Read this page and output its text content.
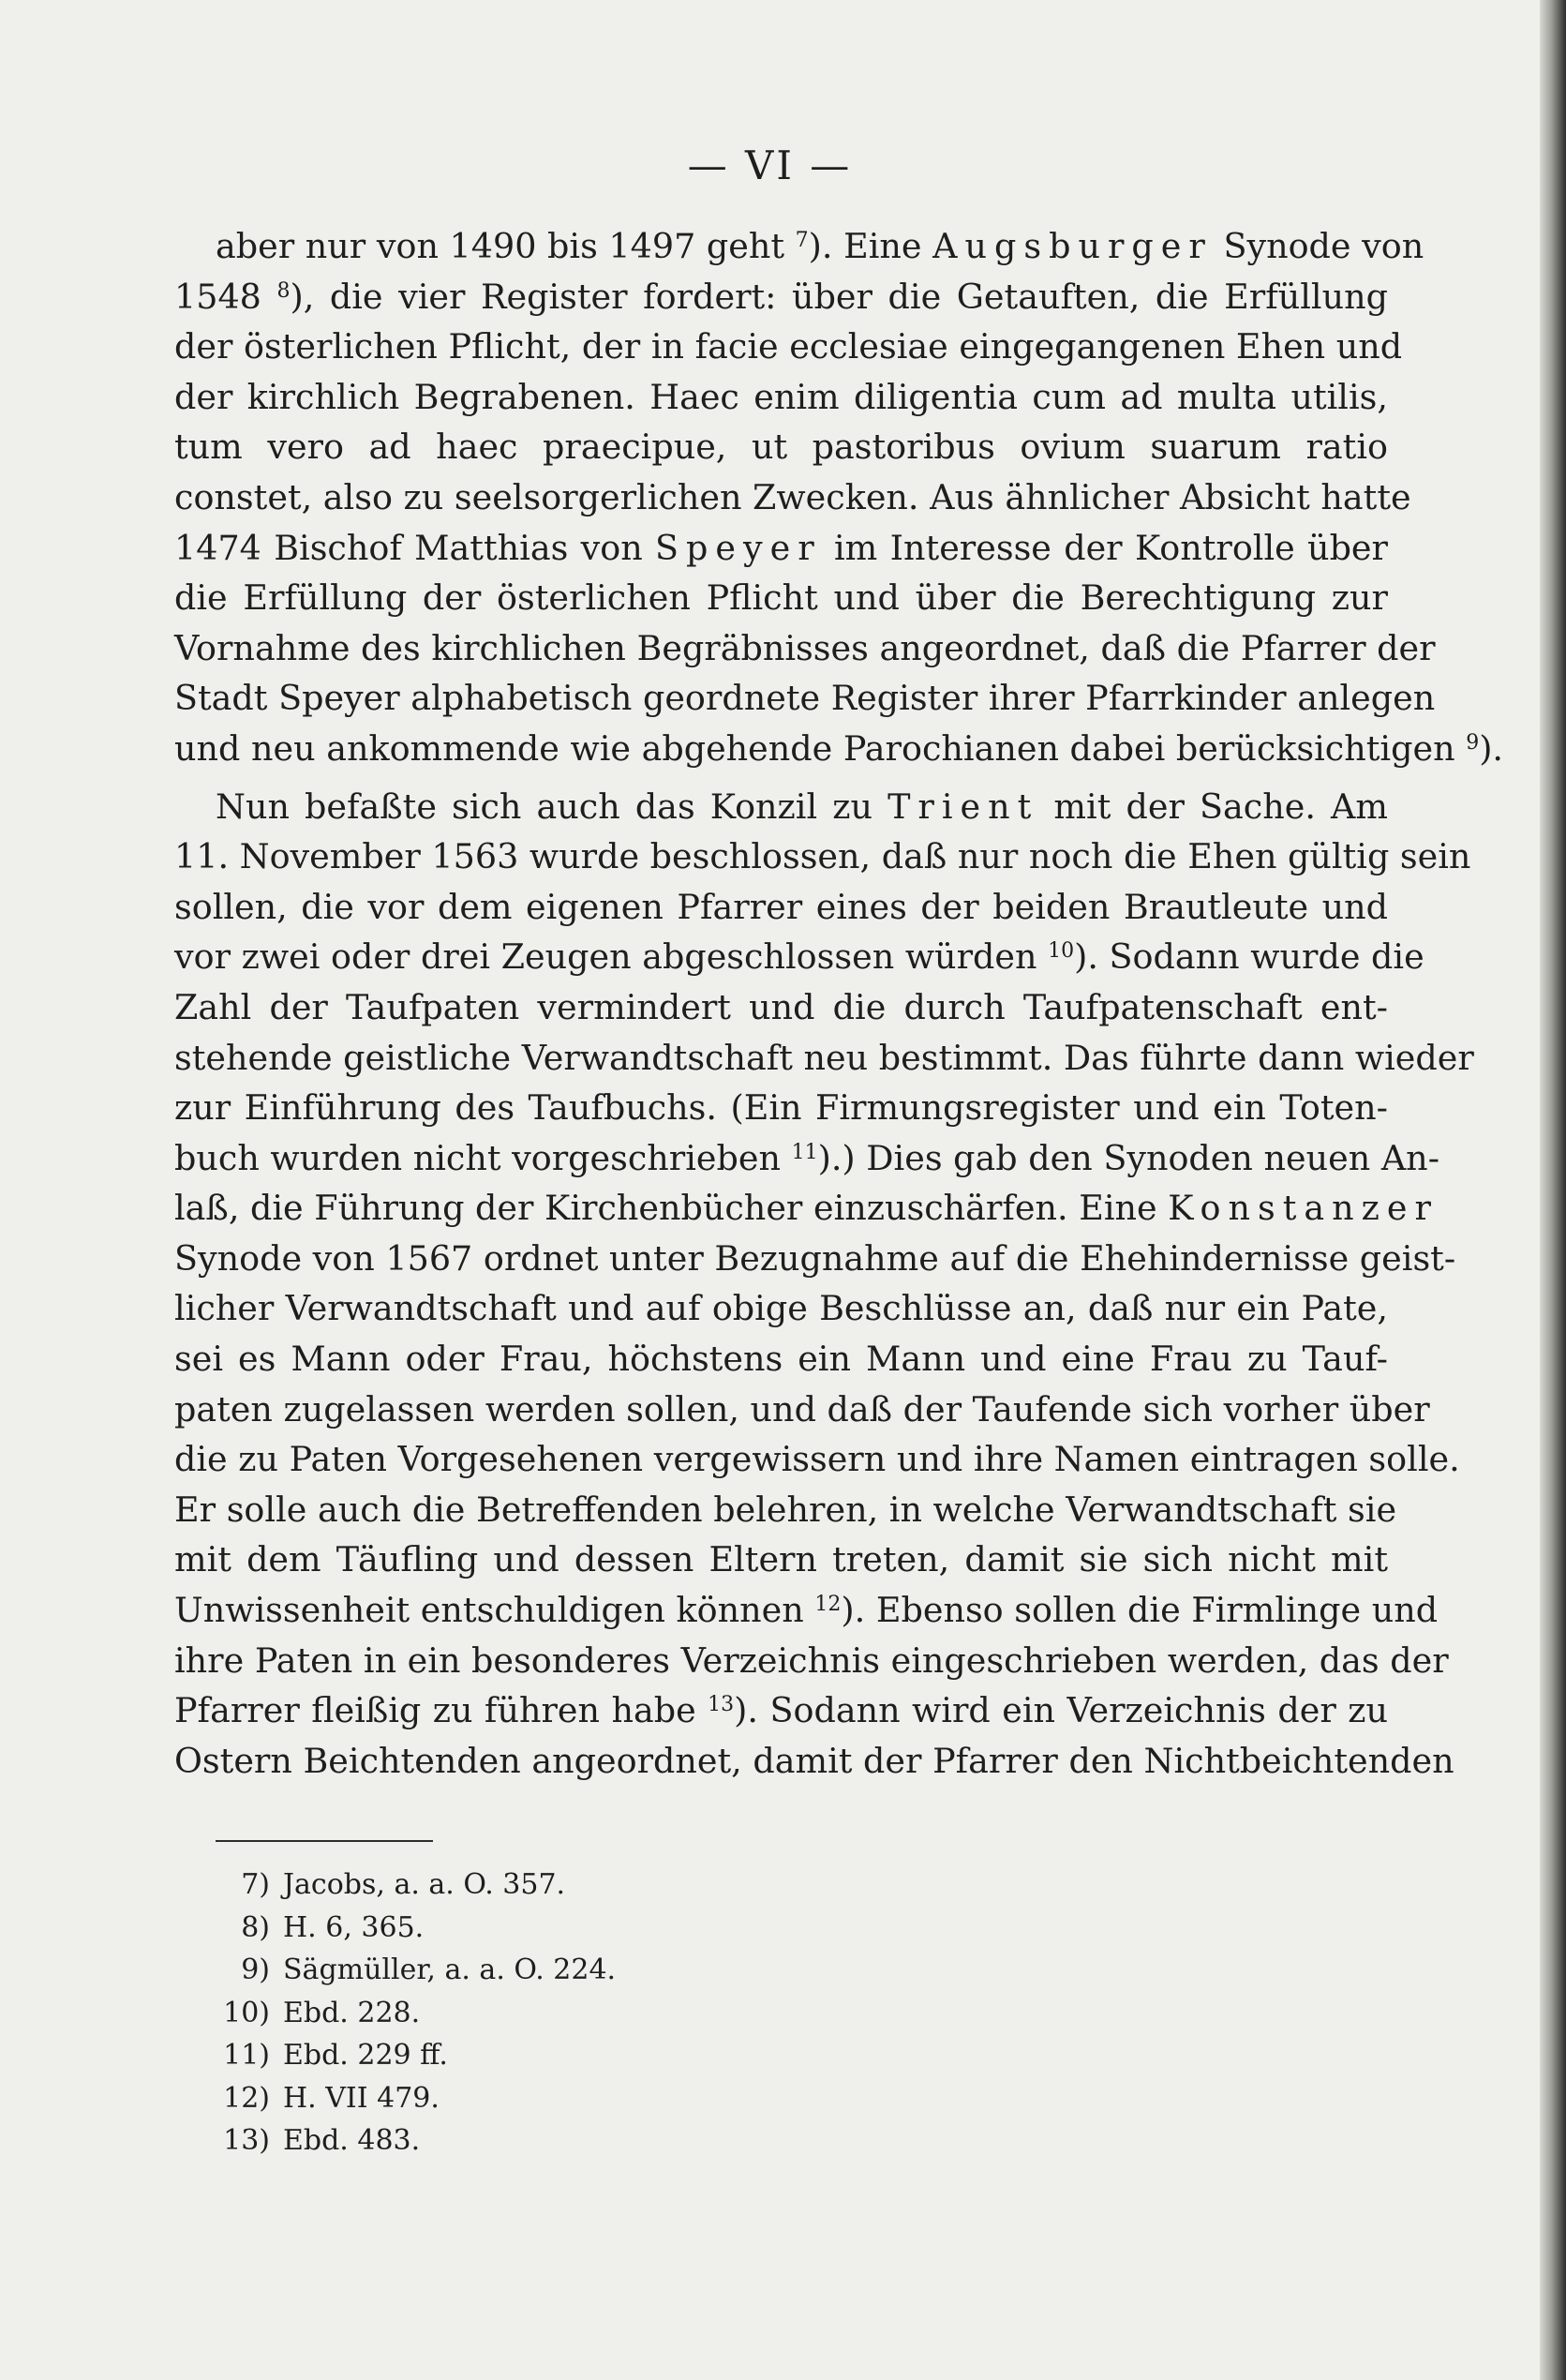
— VI —
aber nur von 1490 bis 1497 geht $^7$). Eine Augsburger Synode von
1548 $^8$), die vier Register fordert: über die Getauften, die Erfüllung
der österlichen Pflicht, der in facie ecclesiae eingegangenen Ehen und
der kirchlich Begrabenen. Haec enim diligentia cum ad multa utilis,
tum vero ad haec praecipue, ut pastoribus ovium suarum ratio
constet, also zu seelsorgerlichen Zwecken. Aus ähnlicher Absicht hatte
1474 Bischof Matthias von Speyer im Interesse der Kontrolle über
die Erfüllung der österlichen Pflicht und über die Berechtigung zur
Vornahme des kirchlichen Begräbnisses angeordnet, daß die Pfarrer der
Stadt Speyer alphabetisch geordnete Register ihrer Pfarrkinder anlegen
und neu ankommende wie abgehende Parochianen dabei berücksichtigen $^9$).
Nun befaßte sich auch das Konzil zu Trient mit der Sache. Am
11. November 1563 wurde beschlossen, daß nur noch die Ehen gültig sein
sollen, die vor dem eigenen Pfarrer eines der beiden Brautleute und
vor zwei oder drei Zeugen abgeschlossen würden $^{10}$). Sodann wurde die
Zahl der Taufpaten vermindert und die durch Taufpatenschaft ent-
stehende geistliche Verwandtschaft neu bestimmt. Das führte dann wieder
zur Einführung des Taufbuchs. (Ein Firmungsregister und ein Toten-
buch wurden nicht vorgeschrieben $^{11}$).) Dies gab den Synoden neuen An-
laß, die Führung der Kirchenbücher einzuschärfen. Eine Konstanzer
Synode von 1567 ordnet unter Bezugnahme auf die Ehehindernisse geist-
licher Verwandtschaft und auf obige Beschlüsse an, daß nur ein Pate,
sei es Mann oder Frau, höchstens ein Mann und eine Frau zu Tauf-
paten zugelassen werden sollen, und daß der Taufende sich vorher über
die zu Paten Vorgesehenen vergewissern und ihre Namen eintragen solle.
Er solle auch die Betreffenden belehren, in welche Verwandtschaft sie
mit dem Täufling und dessen Eltern treten, damit sie sich nicht mit
Unwissenheit entschuldigen können $^{12}$). Ebenso sollen die Firmlinge und
ihre Paten in ein besonderes Verzeichnis eingeschrieben werden, das der
Pfarrer fleißig zu führen habe $^{13}$). Sodann wird ein Verzeichnis der zu
Ostern Beichtenden angeordnet, damit der Pfarrer den Nichtbeichtenden
7) Jacobs, a. a. O. 357.
8) H. 6, 365.
9) Sägmüller, a. a. O. 224.
10) Ebd. 228.
11) Ebd. 229 ff.
12) H. VII 479.
13) Ebd. 483.
